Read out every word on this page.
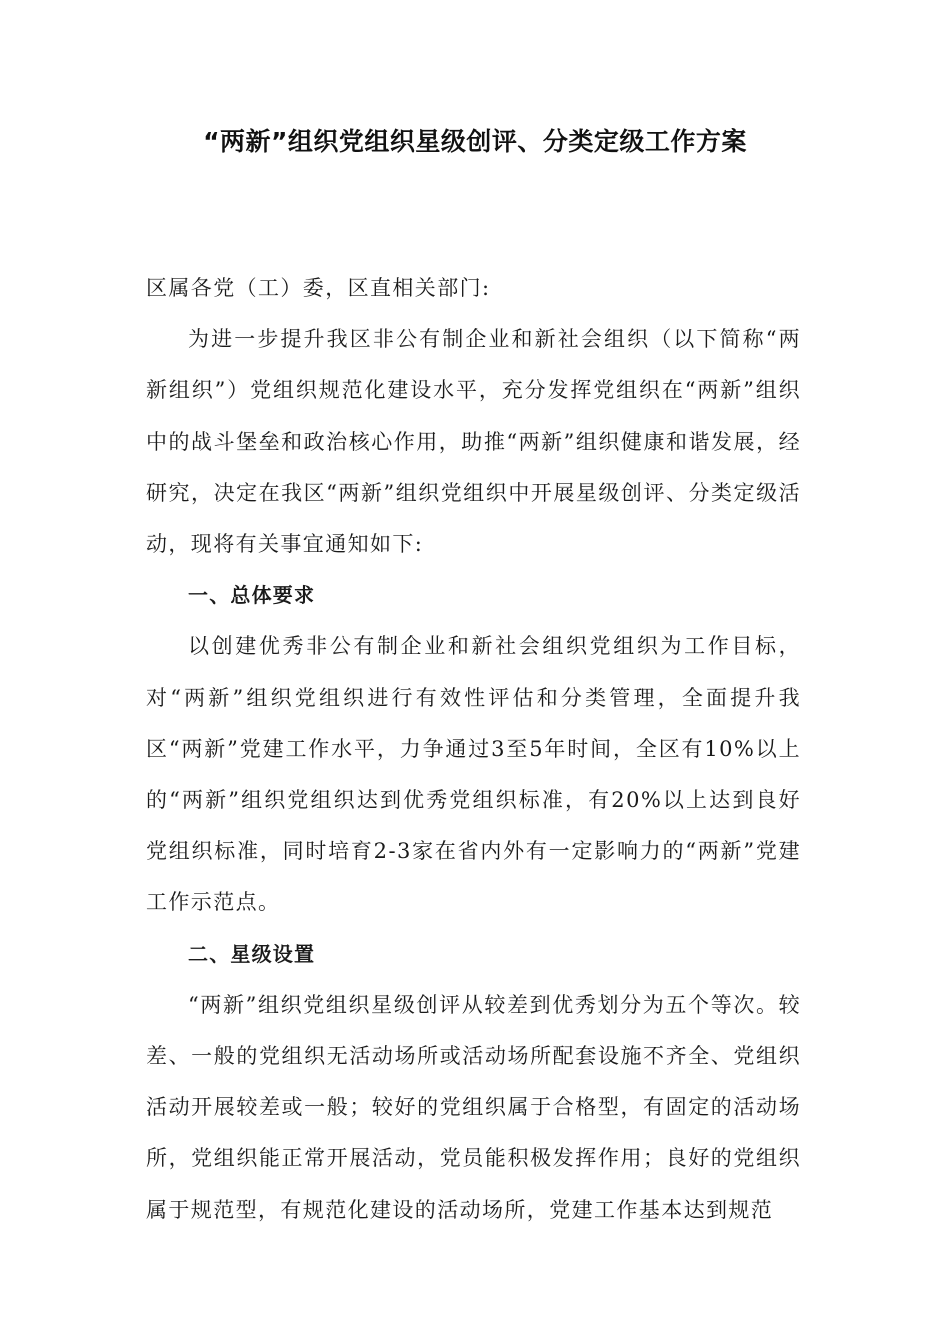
“两新”组织党组织星级创评、分类定级工作方案

区属各党（工）委，区直相关部门:

为进一步提升我区非公有制企业和新社会组织（以下简称“两新组织”）党组织规范化建设水平，充分发挥党组织在“两新”组织中的战斗堡垒和政治核心作用，助推“两新”组织健康和谐发展，经研究，决定在我区“两新”组织党组织中开展星级创评、分类定级活动，现将有关事宜通知如下:

一、总体要求

以创建优秀非公有制企业和新社会组织党组织为工作目标，对“两新”组织党组织进行有效性评估和分类管理，全面提升我区“两新”党建工作水平，力争通过3至5年时间，全区有10%以上的“两新”组织党组织达到优秀党组织标准，有20%以上达到良好党组织标准，同时培育2-3家在省内外有一定影响力的“两新”党建工作示范点。

二、星级设置

“两新”组织党组织星级创评从较差到优秀划分为五个等次。较差、一般的党组织无活动场所或活动场所配套设施不齐全、党组织活动开展较差或一般；较好的党组织属于合格型，有固定的活动场所，党组织能正常开展活动，党员能积极发挥作用；良好的党组织属于规范型，有规范化建设的活动场所，党建工作基本达到规范
